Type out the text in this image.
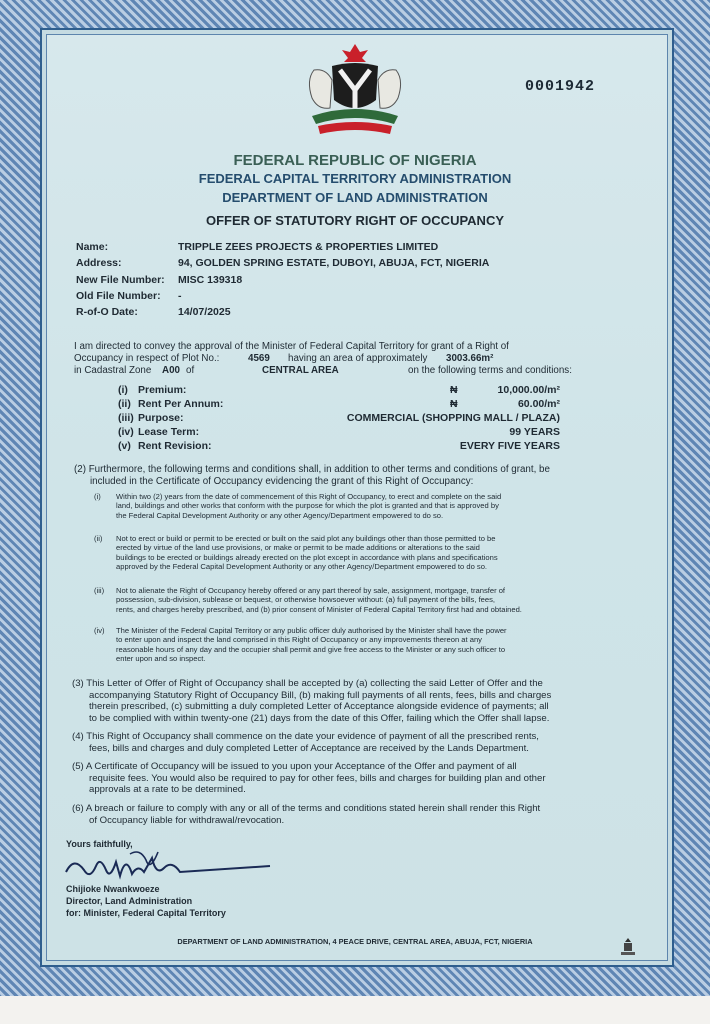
0001942
FEDERAL REPUBLIC OF NIGERIA
FEDERAL CAPITAL TERRITORY ADMINISTRATION
DEPARTMENT OF LAND ADMINISTRATION
OFFER OF STATUTORY RIGHT OF OCCUPANCY
Name:	TRIPPLE ZEES PROJECTS & PROPERTIES LIMITED
Address:	94, GOLDEN SPRING ESTATE, DUBOYI, ABUJA, FCT, NIGERIA
New File Number: MISC 139318
Old File Number: -
R-of-O Date:	14/07/2025
I am directed to convey the approval of the Minister of Federal Capital Territory for grant of a Right of
Occupancy in respect of Plot No.:	4569 having an area of approximately 3003.66m²
in Cadastral Zone A00 of	CENTRAL AREA	on the following terms and conditions:
(i) Premium:	₦	10,000.00/m²
(ii) Rent Per Annum:	₦	60.00/m²
(iii) Purpose:	COMMERCIAL (SHOPPING MALL / PLAZA)
(iv) Lease Term:	99 YEARS
(v) Rent Revision:	EVERY FIVE YEARS
(2) Furthermore, the following terms and conditions shall, in addition to other terms and conditions of grant, be
included in the Certificate of Occupancy evidencing the grant of this Right of Occupancy:
(i) Within two (2) years from the date of commencement of this Right of Occupancy, to erect and complete on the said
land, buildings and other works that conform with the purpose for which the plot is granted and that is approved by
the Federal Capital Development Authority or any other Agency/Department empowered to do so.
(ii) Not to erect or build or permit to be erected or built on the said plot any buildings other than those permitted to be
erected by virtue of the land use provisions, or make or permit to be made additions or alterations to the said
buildings to be erected or buildings already erected on the plot except in accordance with plans and specifications
approved by the Federal Capital Development Authority or any other Agency/Department empowered to do so.
(iii) Not to alienate the Right of Occupancy hereby offered or any part thereof by sale, assignment, mortgage, transfer of
possession, sub-division, sublease or bequest, or otherwise howsoever without: (a) full payment of the bills, fees,
rents, and charges hereby prescribed, and (b) prior consent of Minister of Federal Capital Territory first had and obtained.
(iv) The Minister of the Federal Capital Territory or any public officer duly authorised by the Minister shall have the power
to enter upon and inspect the land comprised in this Right of Occupancy or any improvements thereon at any
reasonable hours of any day and the occupier shall permit and give free access to the Minister or any such officer to
enter upon and so inspect.
(3) This Letter of Offer of Right of Occupancy shall be accepted by (a) collecting the said Letter of Offer and the
accompanying Statutory Right of Occupancy Bill, (b) making full payments of all rents, fees, bills and charges
therein prescribed, (c) submitting a duly completed Letter of Acceptance alongside evidence of payments; all
to be complied with within twenty-one (21) days from the date of this Offer, failing which the Offer shall lapse.
(4) This Right of Occupancy shall commence on the date your evidence of payment of all the prescribed rents,
fees, bills and charges and duly completed Letter of Acceptance are received by the Lands Department.
(5) A Certificate of Occupancy will be issued to you upon your Acceptance of the Offer and payment of all
requisite fees. You would also be required to pay for other fees, bills and charges for building plan and other
approvals at a rate to be determined.
(6) A breach or failure to comply with any or all of the terms and conditions stated herein shall render this Right
of Occupancy liable for withdrawal/revocation.
Yours faithfully,
Chijioke Nwankwoeze
Director, Land Administration
for: Minister, Federal Capital Territory
DEPARTMENT OF LAND ADMINISTRATION, 4 PEACE DRIVE, CENTRAL AREA, ABUJA, FCT, NIGERIA
